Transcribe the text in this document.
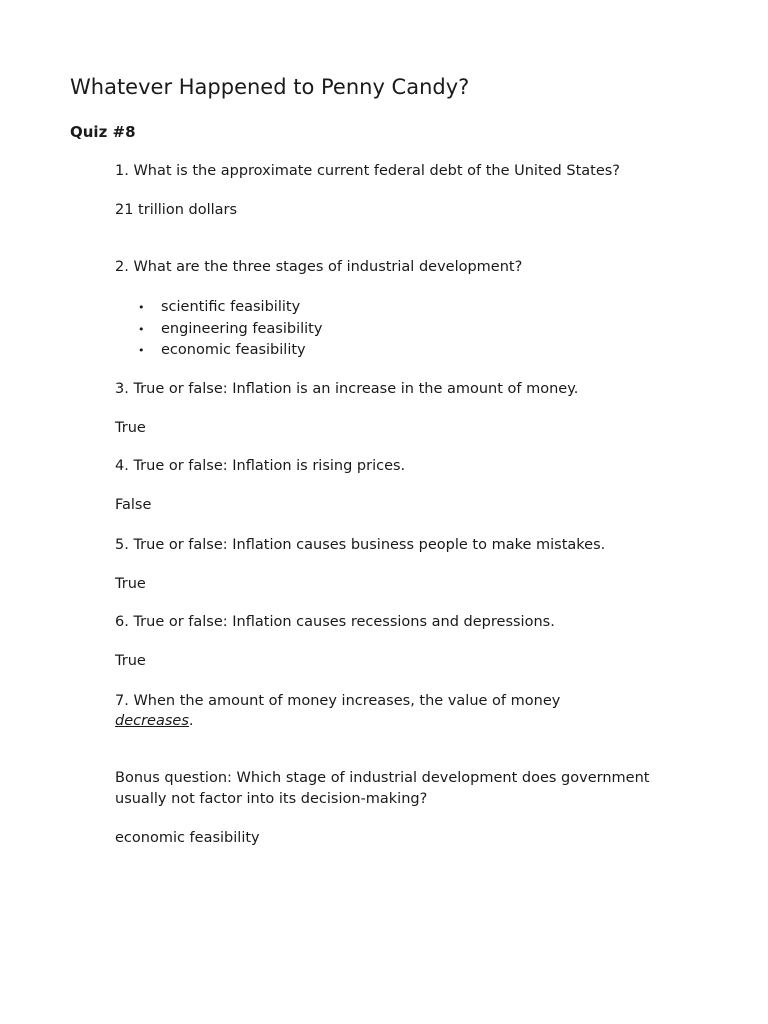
Whatever Happened to Penny Candy?
Quiz #8
1. What is the approximate current federal debt of the United States?
21 trillion dollars
2. What are the three stages of industrial development?
• scientific feasibility
• engineering feasibility
• economic feasibility
3. True or false: Inflation is an increase in the amount of money.
True
4. True or false: Inflation is rising prices.
False
5. True or false: Inflation causes business people to make mistakes.
True
6. True or false: Inflation causes recessions and depressions.
True
7. When the amount of money increases, the value of money
decreases.
Bonus question: Which stage of industrial development does government
usually not factor into its decision-making?
economic feasibility
